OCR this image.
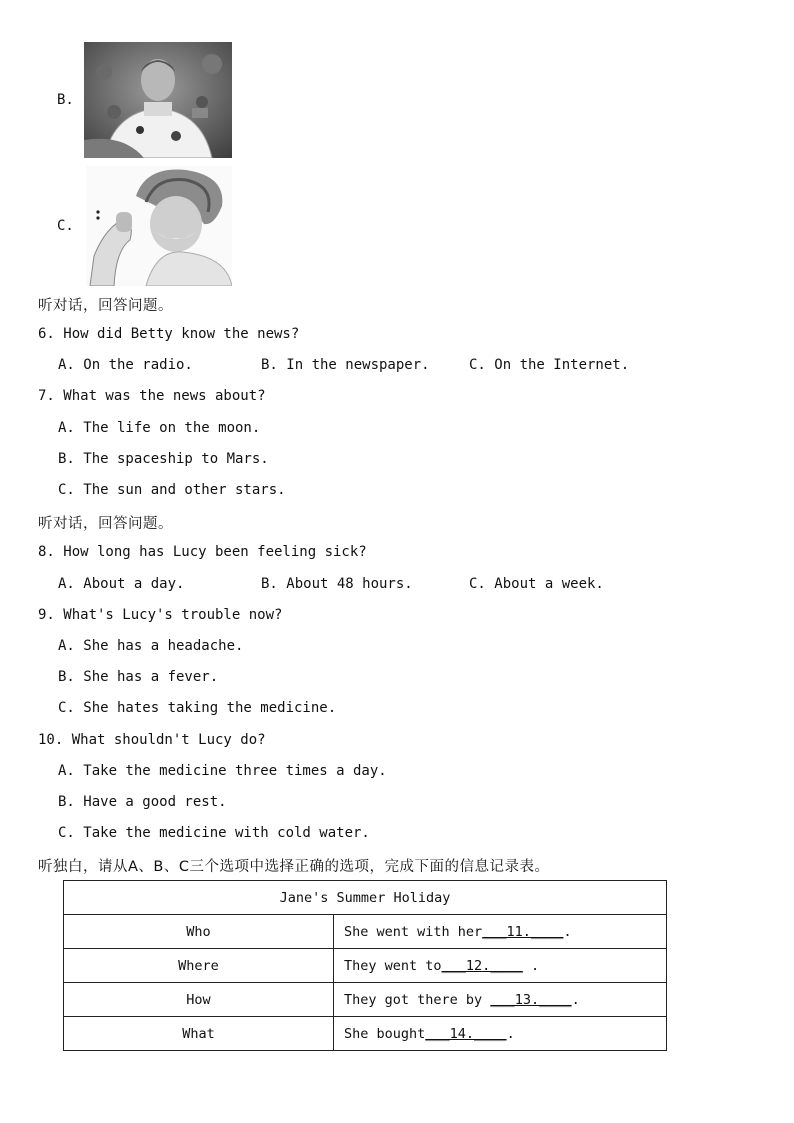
B.
C.
听对话，回答问题。
6. How did Betty know the news?
A. On the radio.	B. In the newspaper.	C. On the Internet.
7. What was the news about?
A. The life on the moon.
B. The spaceship to Mars.
C. The sun and other stars.
听对话，回答问题。
8. How long has Lucy been feeling sick?
A. About a day.	B. About 48 hours.	C. About a week.
9. What's Lucy's trouble now?
A. She has a headache.
B. She has a fever.
C. She hates taking the medicine.
10. What shouldn't Lucy do?
A. Take the medicine three times a day.
B. Have a good rest.
C. Take the medicine with cold water.
听独白，请从A、B、C三个选项中选择正确的选项，完成下面的信息记录表。
Jane's Summer Holiday	
Who	She went with her___11.____.
Where	They went to___12.____ .
How	They got there by ___13.____.
What	She bought___14.____.
